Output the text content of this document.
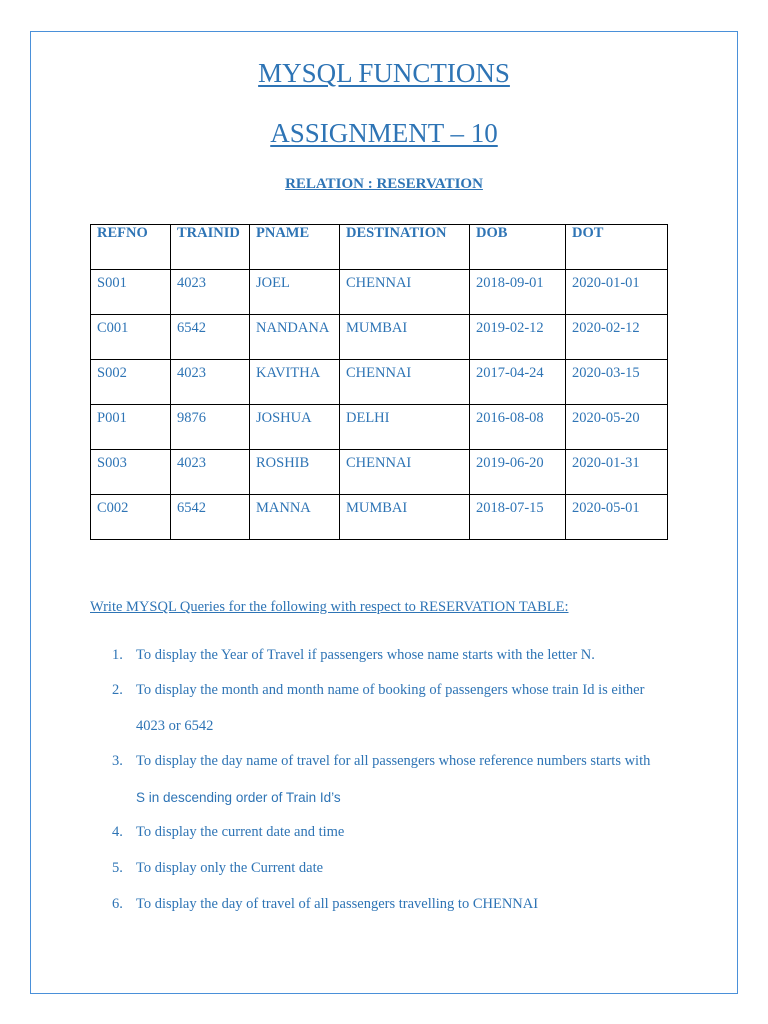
MYSQL FUNCTIONS
ASSIGNMENT – 10
RELATION : RESERVATION
REFNO	TRAINID	PNAME	DESTINATION	DOB	DOT
S001	4023	JOEL	CHENNAI	2018-09-01	2020-01-01
C001	6542	NANDANA	MUMBAI	2019-02-12	2020-02-12
S002	4023	KAVITHA	CHENNAI	2017-04-24	2020-03-15
P001	9876	JOSHUA	DELHI	2016-08-08	2020-05-20
S003	4023	ROSHIB	CHENNAI	2019-06-20	2020-01-31
C002	6542	MANNA	MUMBAI	2018-07-15	2020-05-01
Write MYSQL Queries for the following with respect to RESERVATION TABLE:
1. To display the Year of Travel if passengers whose name starts with the letter N.
2. To display the month and month name of booking of passengers whose train Id is either
4023 or 6542
3. To display the day name of travel for all passengers whose reference numbers starts with
S in descending order of Train Id’s
4. To display the current date and time
5. To display only the Current date
6. To display the day of travel of all passengers travelling to CHENNAI
